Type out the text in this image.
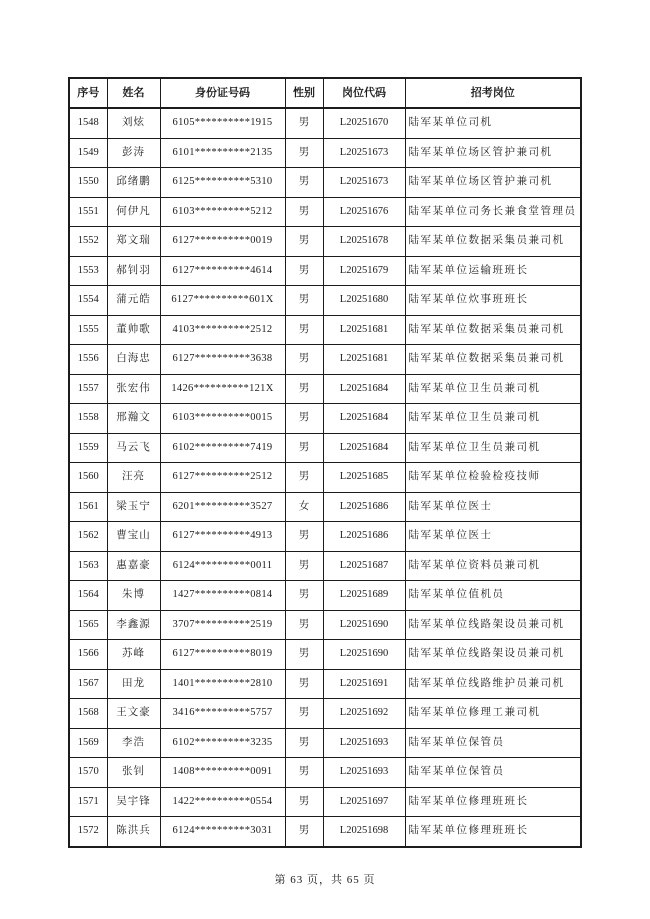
序号	姓名	身份证号码	性别	岗位代码	招考岗位
1548	刘炫	6105**********1915	男	L20251670	陆军某单位司机
1549	彭涛	6101**********2135	男	L20251673	陆军某单位场区管护兼司机
1550	邱绪鹏	6125**********5310	男	L20251673	陆军某单位场区管护兼司机
1551	何伊凡	6103**********5212	男	L20251676	陆军某单位司务长兼食堂管理员
1552	郑文瑞	6127**********0019	男	L20251678	陆军某单位数据采集员兼司机
1553	郝钊羽	6127**********4614	男	L20251679	陆军某单位运输班班长
1554	蒲元皓	6127**********601X	男	L20251680	陆军某单位炊事班班长
1555	董帅歌	4103**********2512	男	L20251681	陆军某单位数据采集员兼司机
1556	白海忠	6127**********3638	男	L20251681	陆军某单位数据采集员兼司机
1557	张宏伟	1426**********121X	男	L20251684	陆军某单位卫生员兼司机
1558	邢瀚文	6103**********0015	男	L20251684	陆军某单位卫生员兼司机
1559	马云飞	6102**********7419	男	L20251684	陆军某单位卫生员兼司机
1560	汪亮	6127**********2512	男	L20251685	陆军某单位检验检疫技师
1561	梁玉宁	6201**********3527	女	L20251686	陆军某单位医士
1562	曹宝山	6127**********4913	男	L20251686	陆军某单位医士
1563	惠嘉豪	6124**********0011	男	L20251687	陆军某单位资料员兼司机
1564	朱博	1427**********0814	男	L20251689	陆军某单位值机员
1565	李鑫源	3707**********2519	男	L20251690	陆军某单位线路架设员兼司机
1566	苏峰	6127**********8019	男	L20251690	陆军某单位线路架设员兼司机
1567	田龙	1401**********2810	男	L20251691	陆军某单位线路维护员兼司机
1568	王文豪	3416**********5757	男	L20251692	陆军某单位修理工兼司机
1569	李浩	6102**********3235	男	L20251693	陆军某单位保管员
1570	张钊	1408**********0091	男	L20251693	陆军某单位保管员
1571	吴宇锋	1422**********0554	男	L20251697	陆军某单位修理班班长
1572	陈洪兵	6124**********3031	男	L20251698	陆军某单位修理班班长
第 63 页，共 65 页
